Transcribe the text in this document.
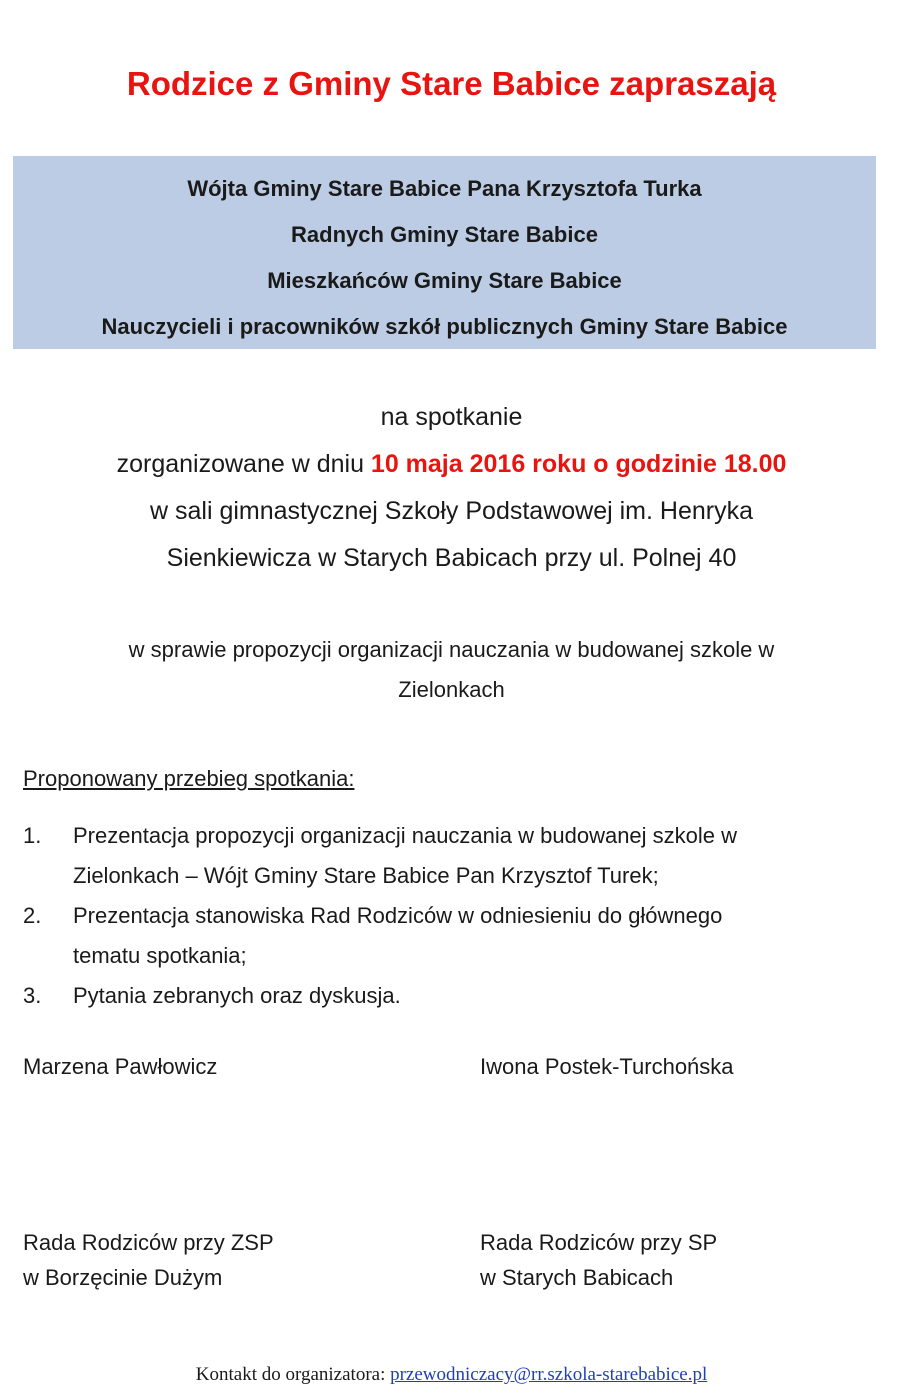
Rodzice z Gminy Stare Babice zapraszają
Wójta Gminy Stare Babice Pana Krzysztofa Turka
Radnych Gminy Stare Babice
Mieszkańców Gminy Stare Babice
Nauczycieli i pracowników szkół publicznych Gminy Stare Babice
na spotkanie
zorganizowane w dniu 10 maja 2016 roku o godzinie 18.00
w sali gimnastycznej Szkoły Podstawowej im. Henryka
Sienkiewicza w Starych Babicach przy ul. Polnej 40
w sprawie propozycji organizacji nauczania w budowanej szkole w
Zielonkach
Proponowany przebieg spotkania:
1. Prezentacja propozycji organizacji nauczania w budowanej szkole w
Zielonkach – Wójt Gminy Stare Babice Pan Krzysztof Turek;
2. Prezentacja stanowiska Rad Rodziców w odniesieniu do głównego
tematu spotkania;
3. Pytania zebranych oraz dyskusja.
Marzena Pawłowicz	Iwona Postek-Turchońska
Rada Rodziców przy ZSP
w Borzęcinie Dużym
Rada Rodziców przy SP
w Starych Babicach
Kontakt do organizatora: przewodniczacy@rr.szkola-starebabice.pl
